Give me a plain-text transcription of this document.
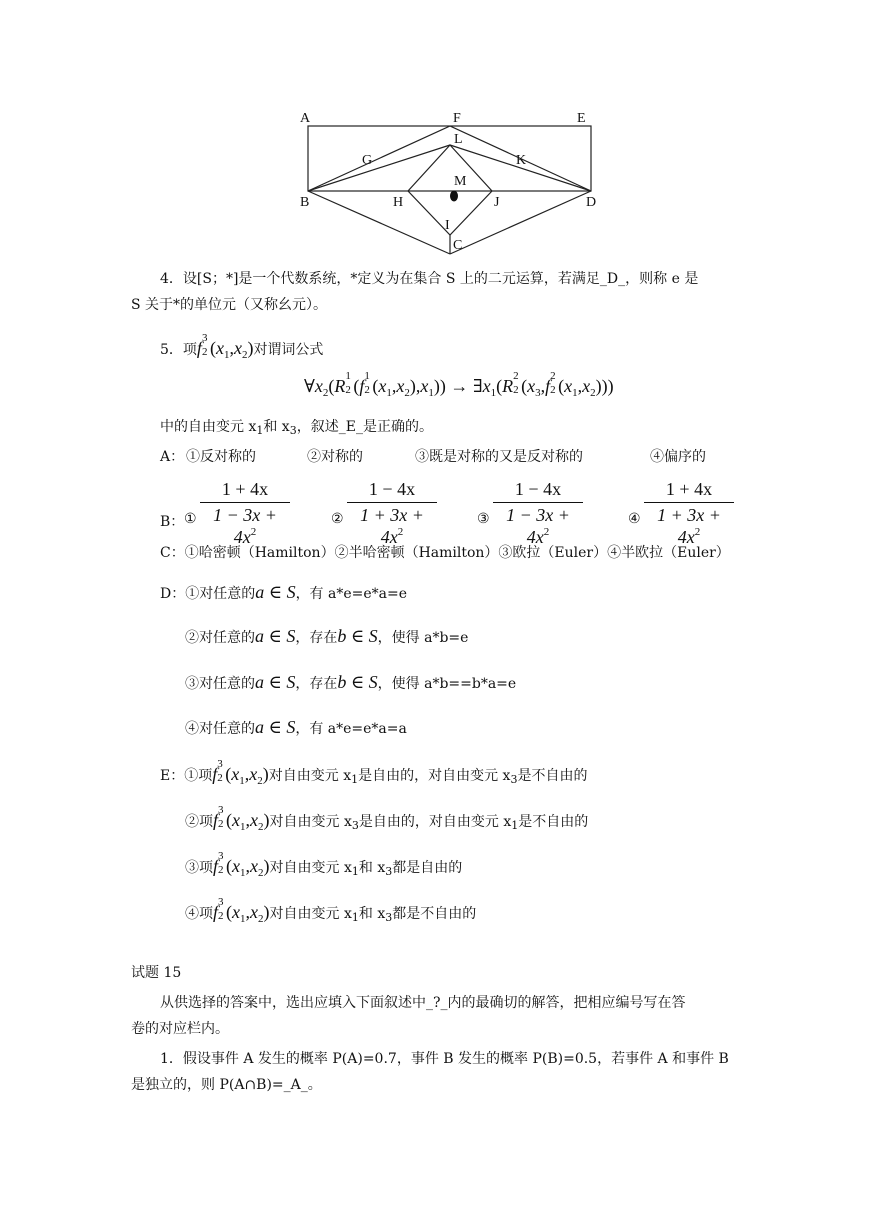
A	F	E
L
G	K
M
B	H	J	D
I
C
4．设[S；*]是一个代数系统，*定义为在集合 S 上的二元运算，若满足_D_，则称 e 是
S 关于*的单位元（又称幺元）。
5．项f 3
2 $(x_1,x_2)$对谓词公式
$\forall x_2(R$ 1
2 (f 1
2 $(x_1,x_2),x_1$)) → $\exists x_1(R$ 2
2 ($x_3,f$ 2
2 $(x_1,x_2)$))
中的自由变元 $x_1$和 $x_3$，叙述_E_是正确的。
A： ①反对称的	②对称的	③既是对称的又是反对称的	④偏序的
B： ① $\frac{1 + 4x}{1 - 3x + 4x^2}$	② $\frac{1 - 4x}{1 + 3x + 4x^2}$	③ $\frac{1 - 4x}{1 - 3x + 4x^2}$	④ $\frac{1 + 4x}{1 + 3x + 4x^2}$
C：①哈密顿（Hamilton）②半哈密顿（Hamilton）③欧拉（Euler）④半欧拉（Euler）
D：①对任意的a ∈ S，有 a*e=e*a=e
②对任意的a ∈ S，存在b ∈ S，使得 a*b=e
③对任意的a ∈ S，存在b ∈ S，使得 a*b==b*a=e
④对任意的a ∈ S，有 a*e=e*a=a
E：①项f 3
2 $(x_1,x_2)$对自由变元 $x_1$是自由的，对自由变元 $x_3$是不自由的
②项f 3
2 $(x_1,x_2)$对自由变元 $x_3$是自由的，对自由变元 $x_1$是不自由的
③项f 3
2 $(x_1,x_2)$对自由变元 $x_1$和 $x_3$都是自由的
④项f 3
2 $(x_1,x_2)$对自由变元 $x_1$和 $x_3$都是不自由的
试题 15
从供选择的答案中，选出应填入下面叙述中_?_内的最确切的解答，把相应编号写在答
卷的对应栏内。
1．假设事件 A 发生的概率 P(A)=0.7，事件 B 发生的概率 P(B)=0.5，若事件 A 和事件 B
是独立的，则 P(A∩B)=_A_。
